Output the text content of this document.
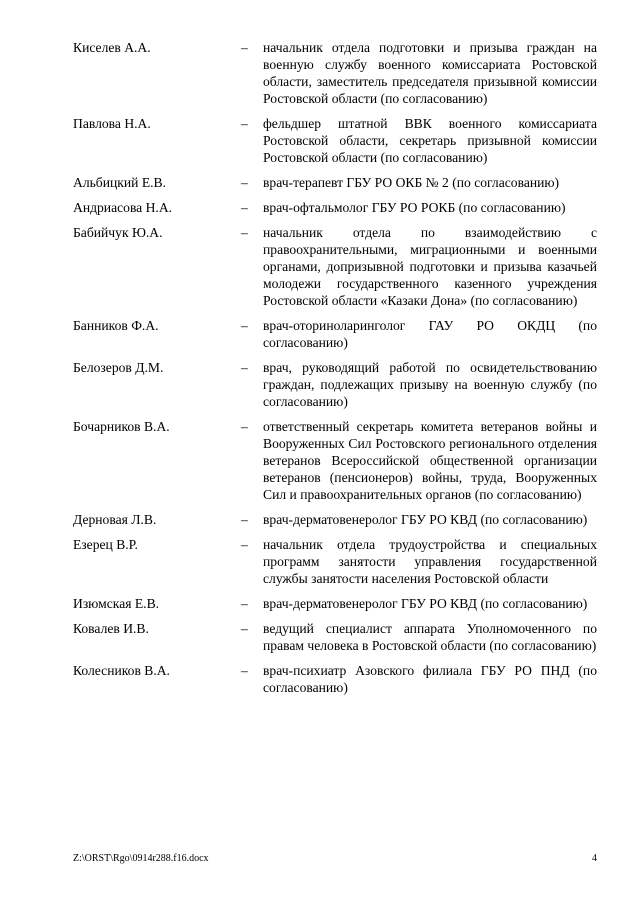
Киселев А.А.	–	начальник отдела подготовки и призыва граждан на военную службу военного комиссариата Ростовской области, заместитель председателя призывной комиссии Ростовской области (по согласованию)
Павлова Н.А.	–	фельдшер штатной ВВК военного комиссариата Ростовской области, секретарь призывной комиссии Ростовской области (по согласованию)
Альбицкий Е.В.	–	врач-терапевт ГБУ РО ОКБ № 2 (по согласованию)
Андриасова Н.А.	–	врач-офтальмолог ГБУ РО РОКБ (по согласованию)
Бабийчук Ю.А.	–	начальник отдела по взаимодействию с правоохранительными, миграционными и военными органами, допризывной подготовки и призыва казачьей молодежи государственного казенного учреждения Ростовской области «Казаки Дона» (по согласованию)
Банников Ф.А.	–	врач-оториноларинголог ГАУ РО ОКДЦ (по согласованию)
Белозеров Д.М.	–	врач, руководящий работой по освидетельствованию граждан, подлежащих призыву на военную службу (по согласованию)
Бочарников В.А.	–	ответственный секретарь комитета ветеранов войны и Вооруженных Сил Ростовского регионального отделения ветеранов Всероссийской общественной организации ветеранов (пенсионеров) войны, труда, Вооруженных Сил и правоохранительных органов (по согласованию)
Дерновая Л.В.	–	врач-дерматовенеролог ГБУ РО КВД (по согласованию)
Езерец В.Р.	–	начальник отдела трудоустройства и специальных программ занятости управления государственной службы занятости населения Ростовской области
Изюмская Е.В.	–	врач-дерматовенеролог ГБУ РО КВД (по согласованию)
Ковалев И.В.	–	ведущий специалист аппарата Уполномоченного по правам человека в Ростовской области (по согласованию)
Колесников В.А.	–	врач-психиатр Азовского филиала ГБУ РО ПНД (по согласованию)
Z:\ORST\Rgo\0914r288.f16.docx	4
